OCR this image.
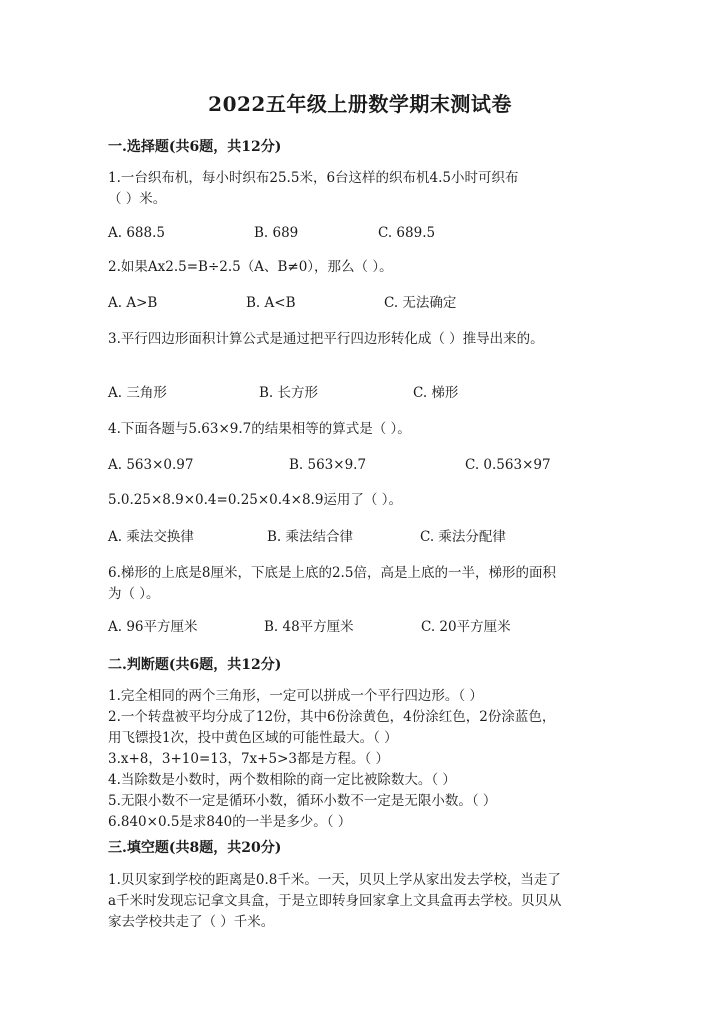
2022五年级上册数学期末测试卷
一.选择题(共6题，共12分)
1.一台织布机，每小时织布25.5米，6台这样的织布机4.5小时可织布
（ ）米。
A. 688.5	B. 689	C. 689.5
2.如果Ax2.5=B÷2.5（A、B≠0），那么（ ）。
A. A>B	B. A<B	C. 无法确定
3.平行四边形面积计算公式是通过把平行四边形转化成（ ）推导出来的。
A. 三角形	B. 长方形	C. 梯形
4.下面各题与5.63×9.7的结果相等的算式是（ ）。
A. 563×0.97	B. 563×9.7	C. 0.563×97
5.0.25×8.9×0.4=0.25×0.4×8.9运用了（ ）。
A. 乘法交换律	B. 乘法结合律	C. 乘法分配律
6.梯形的上底是8厘米，下底是上底的2.5倍，高是上底的一半，梯形的面积
为（ ）。
A. 96平方厘米	B. 48平方厘米	C. 20平方厘米
二.判断题(共6题，共12分)
1.完全相同的两个三角形，一定可以拼成一个平行四边形。（ ）
2.一个转盘被平均分成了12份，其中6份涂黄色，4份涂红色，2份涂蓝色，
用飞镖投1次，投中黄色区域的可能性最大。（ ）
3.x+8，3+10=13，7x+5>3都是方程。（ ）
4.当除数是小数时，两个数相除的商一定比被除数大。（ ）
5.无限小数不一定是循环小数，循环小数不一定是无限小数。（ ）
6.840×0.5是求840的一半是多少。（ ）
三.填空题(共8题，共20分)
1.贝贝家到学校的距离是0.8千米。一天，贝贝上学从家出发去学校，当走了
a千米时发现忘记拿文具盒，于是立即转身回家拿上文具盒再去学校。贝贝从
家去学校共走了（ ）千米。
